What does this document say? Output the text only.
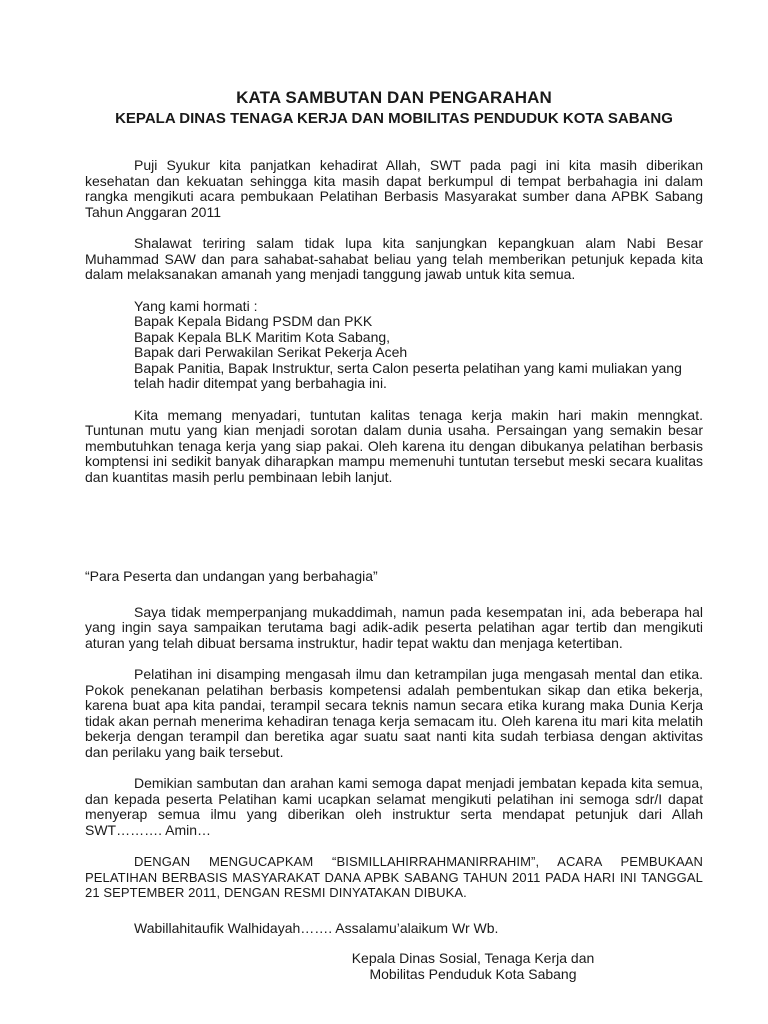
KATA SAMBUTAN DAN PENGARAHAN
KEPALA DINAS TENAGA KERJA DAN MOBILITAS PENDUDUK KOTA SABANG

Puji Syukur kita panjatkan kehadirat Allah, SWT pada pagi ini kita masih diberikan kesehatan dan kekuatan sehingga kita masih dapat berkumpul di tempat berbahagia ini dalam rangka mengikuti acara pembukaan Pelatihan Berbasis Masyarakat sumber dana APBK Sabang Tahun Anggaran 2011

Shalawat teriring salam tidak lupa kita sanjungkan kepangkuan alam Nabi Besar Muhammad SAW dan para sahabat-sahabat beliau yang telah memberikan petunjuk kepada kita dalam melaksanakan amanah yang menjadi tanggung jawab untuk kita semua.

Yang kami hormati :
Bapak Kepala Bidang PSDM dan PKK
Bapak Kepala BLK Maritim Kota Sabang,
Bapak dari Perwakilan Serikat Pekerja Aceh
Bapak Panitia, Bapak Instruktur, serta Calon peserta pelatihan yang kami muliakan yang telah hadir ditempat yang berbahagia ini.

Kita memang menyadari, tuntutan kalitas tenaga kerja makin hari makin menngkat. Tuntunan mutu yang kian menjadi sorotan dalam dunia usaha. Persaingan yang semakin besar membutuhkan tenaga kerja yang siap pakai. Oleh karena itu dengan dibukanya pelatihan berbasis komptensi ini sedikit banyak diharapkan mampu memenuhi tuntutan tersebut meski secara kualitas dan kuantitas masih perlu pembinaan lebih lanjut.

“Para Peserta dan undangan yang berbahagia”

Saya tidak memperpanjang mukaddimah, namun pada kesempatan ini, ada beberapa hal yang ingin saya sampaikan terutama bagi adik-adik peserta pelatihan agar tertib dan mengikuti aturan yang telah dibuat bersama instruktur, hadir tepat waktu dan menjaga ketertiban.

Pelatihan ini disamping mengasah ilmu dan ketrampilan juga mengasah mental dan etika. Pokok penekanan pelatihan berbasis kompetensi adalah pembentukan sikap dan etika bekerja, karena buat apa kita pandai, terampil secara teknis namun secara etika kurang maka Dunia Kerja tidak akan pernah menerima kehadiran tenaga kerja semacam itu. Oleh karena itu mari kita melatih bekerja dengan terampil dan beretika agar suatu saat nanti kita sudah terbiasa dengan aktivitas dan perilaku yang baik tersebut.

Demikian sambutan dan arahan kami semoga dapat menjadi jembatan kepada kita semua, dan kepada peserta Pelatihan kami ucapkan selamat mengikuti pelatihan ini semoga sdr/I dapat menyerap semua ilmu yang diberikan oleh instruktur serta mendapat petunjuk dari Allah SWT………. Amin…

DENGAN MENGUCAPKAM “BISMILLAHIRRAHMANIRRAHIM”, ACARA PEMBUKAAN PELATIHAN BERBASIS MASYARAKAT DANA APBK SABANG TAHUN 2011 PADA HARI INI TANGGAL 21 SEPTEMBER 2011, DENGAN RESMI DINYATAKAN DIBUKA.

Wabillahitaufik Walhidayah……. Assalamu’alaikum Wr Wb.

Kepala Dinas Sosial, Tenaga Kerja dan
Mobilitas Penduduk Kota Sabang
